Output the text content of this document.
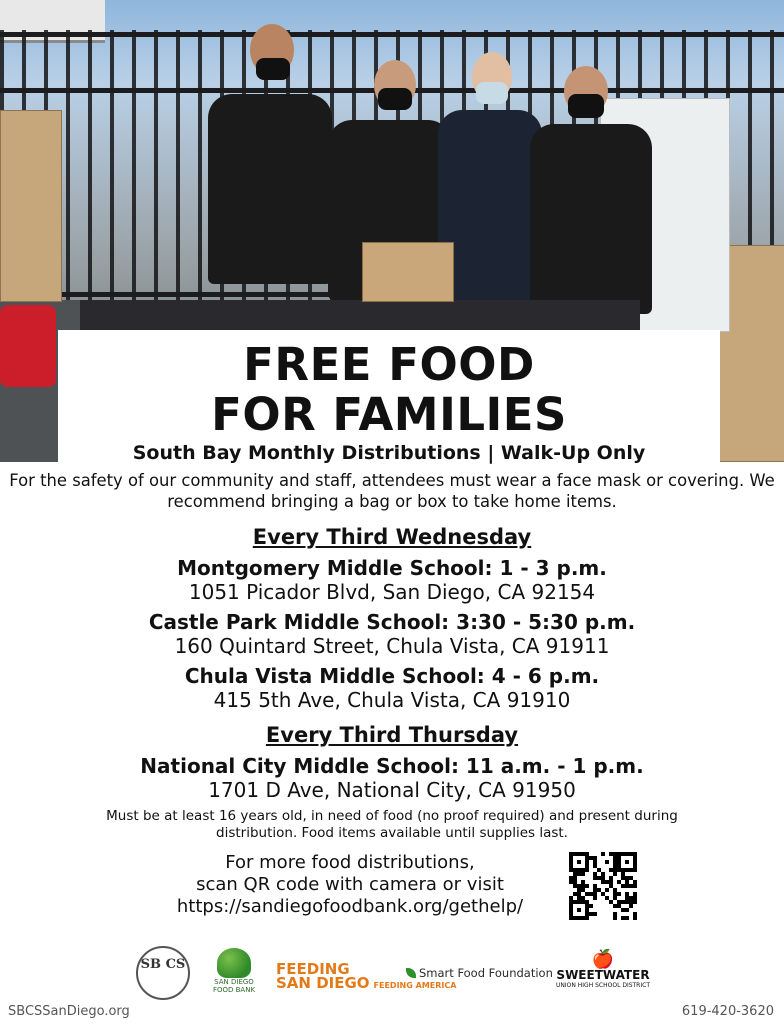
FREE FOOD
FOR FAMILIES
South Bay Monthly Distributions | Walk-Up Only

For the safety of our community and staff, attendees must wear a face mask or covering. We recommend bringing a bag or box to take home items.

Every Third Wednesday
Montgomery Middle School: 1 - 3 p.m.
1051 Picador Blvd, San Diego, CA 92154
Castle Park Middle School: 3:30 - 5:30 p.m.
160 Quintard Street, Chula Vista, CA 91911
Chula Vista Middle School: 4 - 6 p.m.
415 5th Ave, Chula Vista, CA 91910
Every Third Thursday
National City Middle School: 11 a.m. - 1 p.m.
1701 D Ave, National City, CA 91950
Must be at least 16 years old, in need of food (no proof required) and present during distribution. Food items available until supplies last.
For more food distributions,
scan QR code with camera or visit
https://sandiegofoodbank.org/gethelp/
SB CS
SAN DIEGO FOOD BANK
FEEDING
SAN DIEGO FEEDING AMERICA
Smart Food Foundation
🍎
SWEETWATER
UNION HIGH SCHOOL DISTRICT
SBCSSanDiego.org	619-420-3620
